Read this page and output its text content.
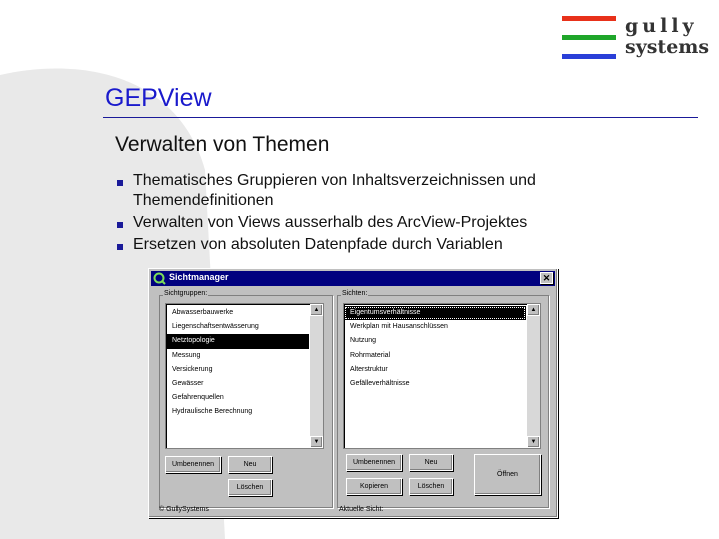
gully
systems
GEPView
Verwalten von Themen
Thematisches Gruppieren von Inhaltsverzeichnissen und Themendefinitionen
Verwalten von Views ausserhalb des ArcView-Projektes
Ersetzen von absoluten Datenpfade durch Variablen
Sichtmanager	✕
Sichtgruppen:
Abwasserbauwerke
Liegenschaftsentwässerung
Netztopologie
Messung
Versickerung
Gewässer
Gefahrenquellen
Hydraulische Berechnung
▲
▼
Umbenennen	Neu
Löschen
Sichten:
Eigentumsverhältnisse
Werkplan mit Hausanschlüssen
Nutzung
Rohrmaterial
Alterstruktur
Gefälleverhältnisse
▲
▼
Umbenennen	Neu
Kopieren	Löschen
Öffnen
© GullySystems	Aktuelle Sicht:
